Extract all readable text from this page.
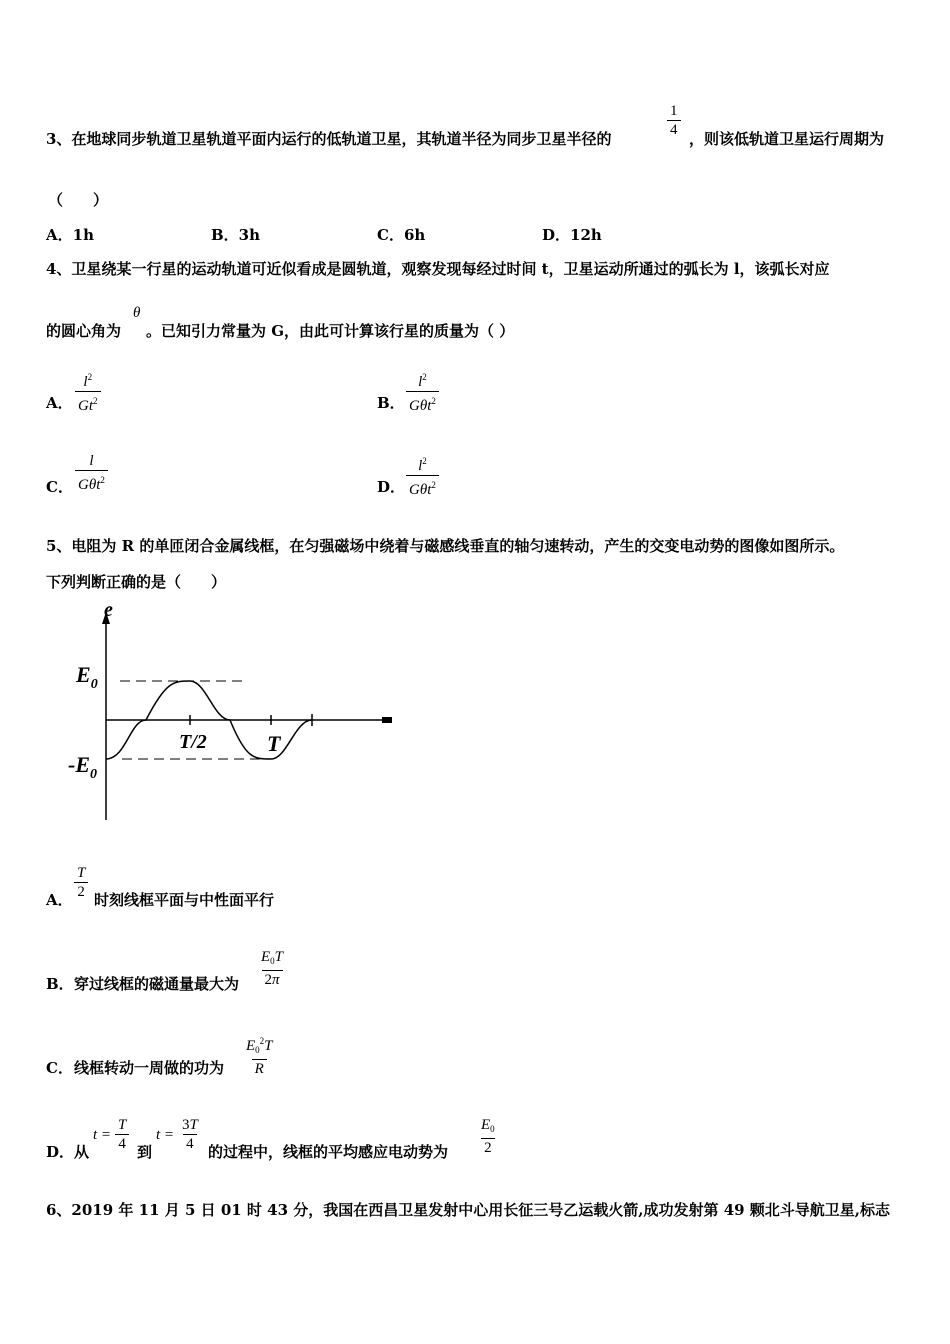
3、在地球同步轨道卫星轨道平面内运行的低轨道卫星，其轨道半径为同步卫星半径的
1
4 ，则该低轨道卫星运行周期为
（　　）
A．1h	B．3h	C．6h	D．12h
4、卫星绕某一行星的运动轨道可近似看成是圆轨道，观察发现每经过时间 t，卫星运动所通过的弧长为 l，该弧长对应
的圆心角为
θ
。已知引力常量为 G，由此可计算该行星的质量为（ ）
A．
$l^2$
Gt$^2$	B．
$l^2$
Gθt$^2$
C．
l
Gθt$^2$	D．
$l^2$
Gθt$^2$
5、电阻为 R 的单匝闭合金属线框，在匀强磁场中绕着与磁感线垂直的轴匀速转动，产生的交变电动势的图像如图所示。
下列判断正确的是（　　）
e
$E_0$
$-E_0$
T/2	T
A．
T
2 时刻线框平面与中性面平行
B． 穿过线框的磁通量最大为
$E_0T$
2π
C． 线框转动一周做的功为
$E_0^2T$
R
D． 从
t =
T
4 到
t =
3T
4 的过程中，线框的平均感应电动势为
$E_0$
2
6、2019 年 11 月 5 日 01 时 43 分，我国在西昌卫星发射中心用长征三号乙运载火箭,成功发射第 49 颗北斗导航卫星,标志
